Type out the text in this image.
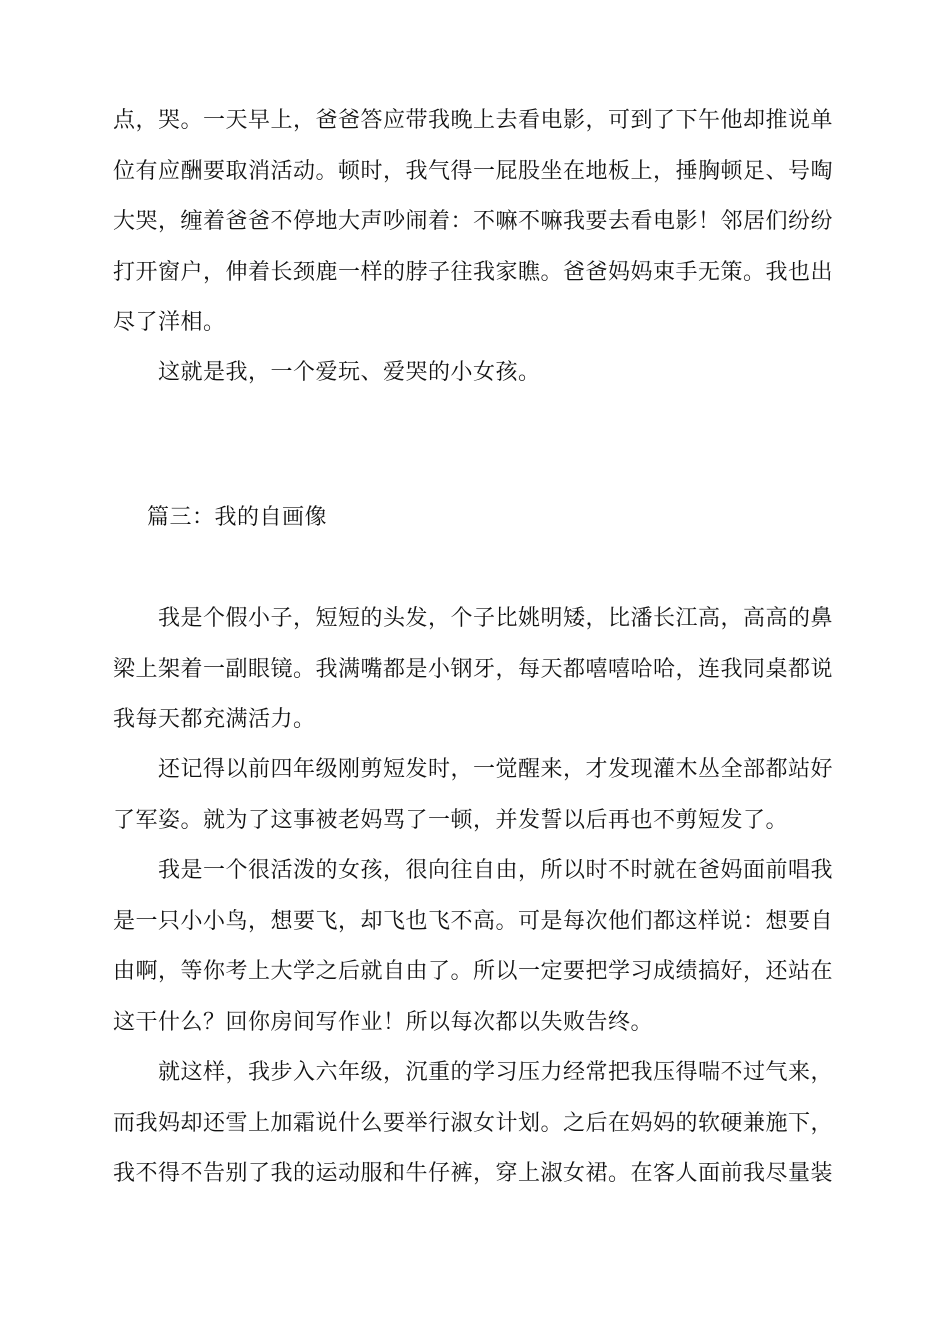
点，哭。一天早上，爸爸答应带我晚上去看电影，可到了下午他却推说单位有应酬要取消活动。顿时，我气得一屁股坐在地板上，捶胸顿足、号啕大哭，缠着爸爸不停地大声吵闹着：不嘛不嘛我要去看电影！邻居们纷纷打开窗户，伸着长颈鹿一样的脖子往我家瞧。爸爸妈妈束手无策。我也出尽了洋相。

这就是我，一个爱玩、爱哭的小女孩。

篇三：我的自画像

我是个假小子，短短的头发，个子比姚明矮，比潘长江高，高高的鼻梁上架着一副眼镜。我满嘴都是小钢牙，每天都嘻嘻哈哈，连我同桌都说我每天都充满活力。

还记得以前四年级刚剪短发时，一觉醒来，才发现灌木丛全部都站好了军姿。就为了这事被老妈骂了一顿，并发誓以后再也不剪短发了。

我是一个很活泼的女孩，很向往自由，所以时不时就在爸妈面前唱我是一只小小鸟，想要飞，却飞也飞不高。可是每次他们都这样说：想要自由啊，等你考上大学之后就自由了。所以一定要把学习成绩搞好，还站在这干什么？回你房间写作业！所以每次都以失败告终。

就这样，我步入六年级，沉重的学习压力经常把我压得喘不过气来，而我妈却还雪上加霜说什么要举行淑女计划。之后在妈妈的软硬兼施下，我不得不告别了我的运动服和牛仔裤，穿上淑女裙。在客人面前我尽量装
